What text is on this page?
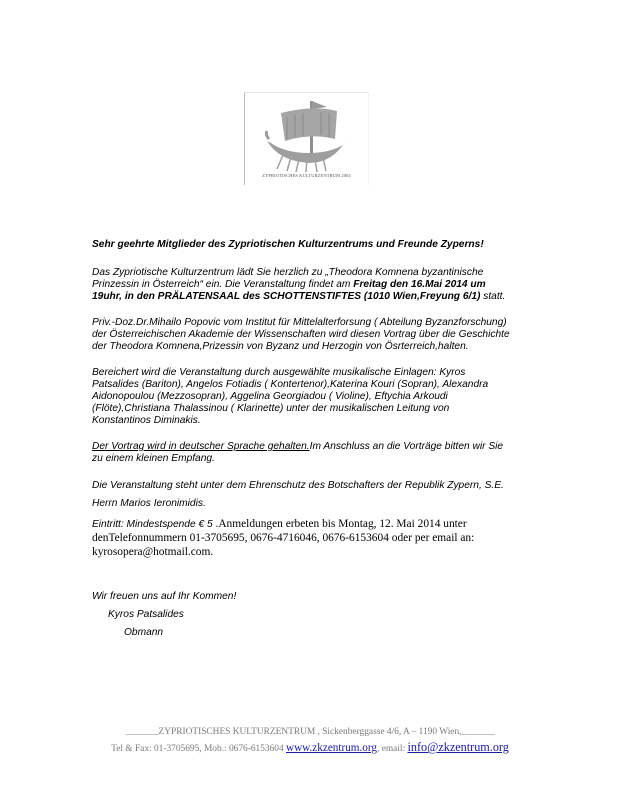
ZYPRIOTISCHES KULTURZENTRUM 2004

Sehr geehrte Mitglieder des Zypriotischen Kulturzentrums und Freunde Zyperns!

Das Zypriotische Kulturzentrum lädt Sie herzlich zu „Theodora Komnena byzantinische

Prinzessin in Österreich“ ein. Die Veranstaltung findet am Freitag den 16.Mai 2014 um

19uhr, in den PRÄLATENSAAL des SCHOTTENSTIFTES (1010 Wien,Freyung 6/1) statt.

Priv.-Doz.Dr.Mihailo Popovic vom Institut für Mittelalterforsung ( Abteilung Byzanzforschung)

der Österreichischen Akademie der Wissenschaften wird diesen Vortrag über die Geschichte

der Theodora Komnena,Prizessin von Byzanz und Herzogin von Ösrterreich,halten.

Bereichert wird die Veranstaltung durch ausgewählte musikalische Einlagen: Kyros

Patsalides (Bariton), Angelos Fotiadis ( Kontertenor),Katerina Kouri (Sopran), Alexandra

Aidonopoulou (Mezzosopran), Aggelina Georgiadou ( Violine), Eftychia Arkoudi

(Flöte),Christiana Thalassinou ( Klarinette) unter der musikalischen Leitung von

Konstantinos Diminakis.

Der Vortrag wird in deutscher Sprache gehalten.Im Anschluss an die Vorträge bitten wir Sie

zu einem kleinen Empfang.

Die Veranstaltung steht unter dem Ehrenschutz des Botschafters der Republik Zypern, S.E.

Herrn Marios Ieronimidis.

Eintritt: Mindestspende € 5 .Anmeldungen erbeten bis Montag, 12. Mai 2014 unter

denTelefonnummern 01-3705695, 0676-4716046, 0676-6153604 oder per email an:

kyrosopera@hotmail.com.

Wir freuen uns auf Ihr Kommen!

Kyros Patsalides

Obmann

_______ZYPRIOTISCHES KULTURZENTRUM , Sickenberggasse 4/6, A – 1190 Wien,_______
Tel & Fax: 01-3705695, Mob.: 0676-6153604 www.zkzentrum.org, email: info@zkzentrum.org
